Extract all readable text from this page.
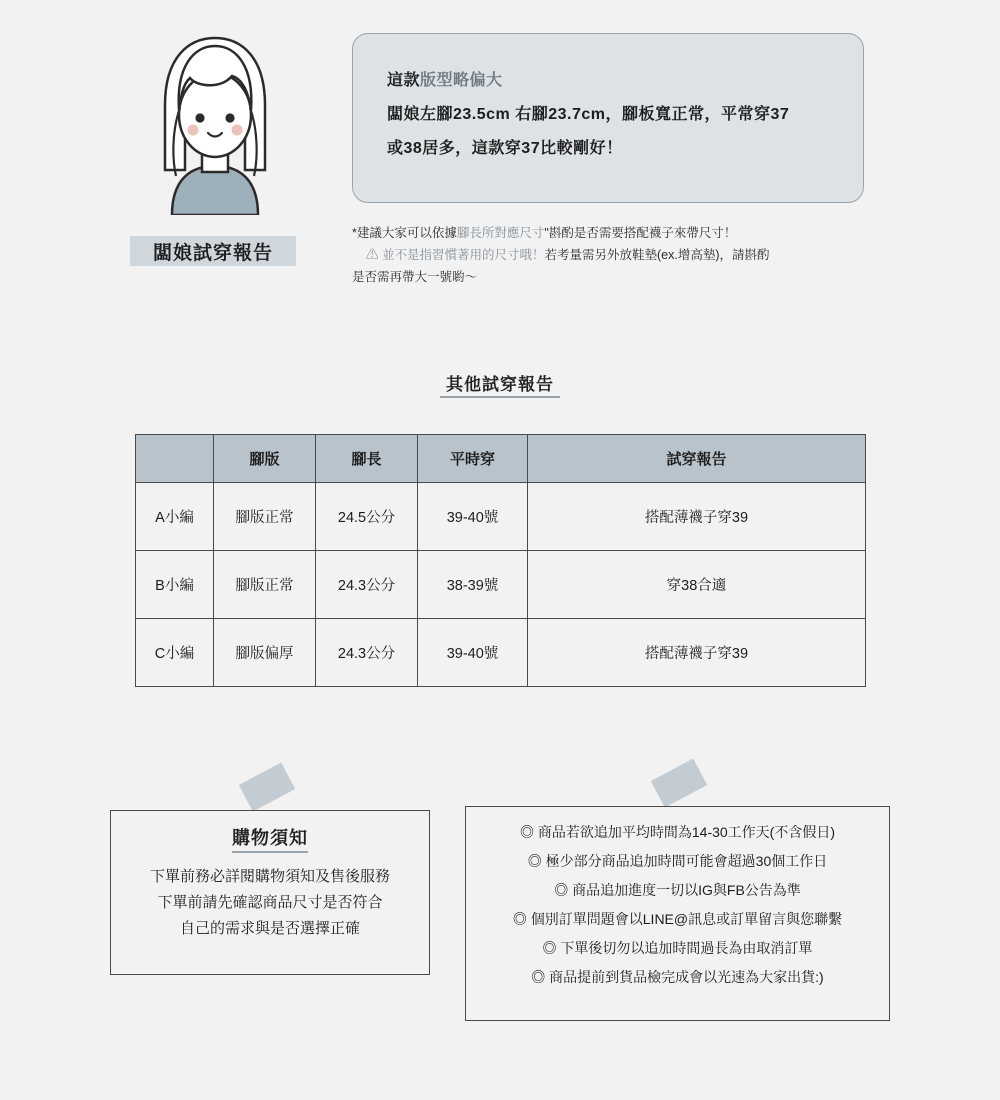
闆娘試穿報告
這款版型略偏大
闆娘左腳23.5cm 右腳23.7cm，腳板寬正常，平常穿37
或38居多，這款穿37比較剛好！
*建議大家可以依據腳長所對應尺寸"斟酌是否需要搭配襪子來帶尺寸！
⚠ 並不是指習慣著用的尺寸哦！若考量需另外放鞋墊(ex.增高墊)，請斟酌
是否需再帶大一號喲～
其他試穿報告
	腳版	腳長	平時穿	試穿報告
A小編	腳版正常	24.5公分	39-40號	搭配薄襪子穿39
B小編	腳版正常	24.3公分	38-39號	穿38合適
C小編	腳版偏厚	24.3公分	39-40號	搭配薄襪子穿39
購物須知
下單前務必詳閱購物須知及售後服務
下單前請先確認商品尺寸是否符合
自己的需求與是否選擇正確
◎ 商品若欲追加平均時間為14-30工作天(不含假日)
◎ 極少部分商品追加時間可能會超過30個工作日
◎ 商品追加進度一切以IG與FB公告為準
◎ 個別訂單問題會以LINE@訊息或訂單留言與您聯繫
◎ 下單後切勿以追加時間過長為由取消訂單
◎ 商品提前到貨品檢完成會以光速為大家出貨:)
